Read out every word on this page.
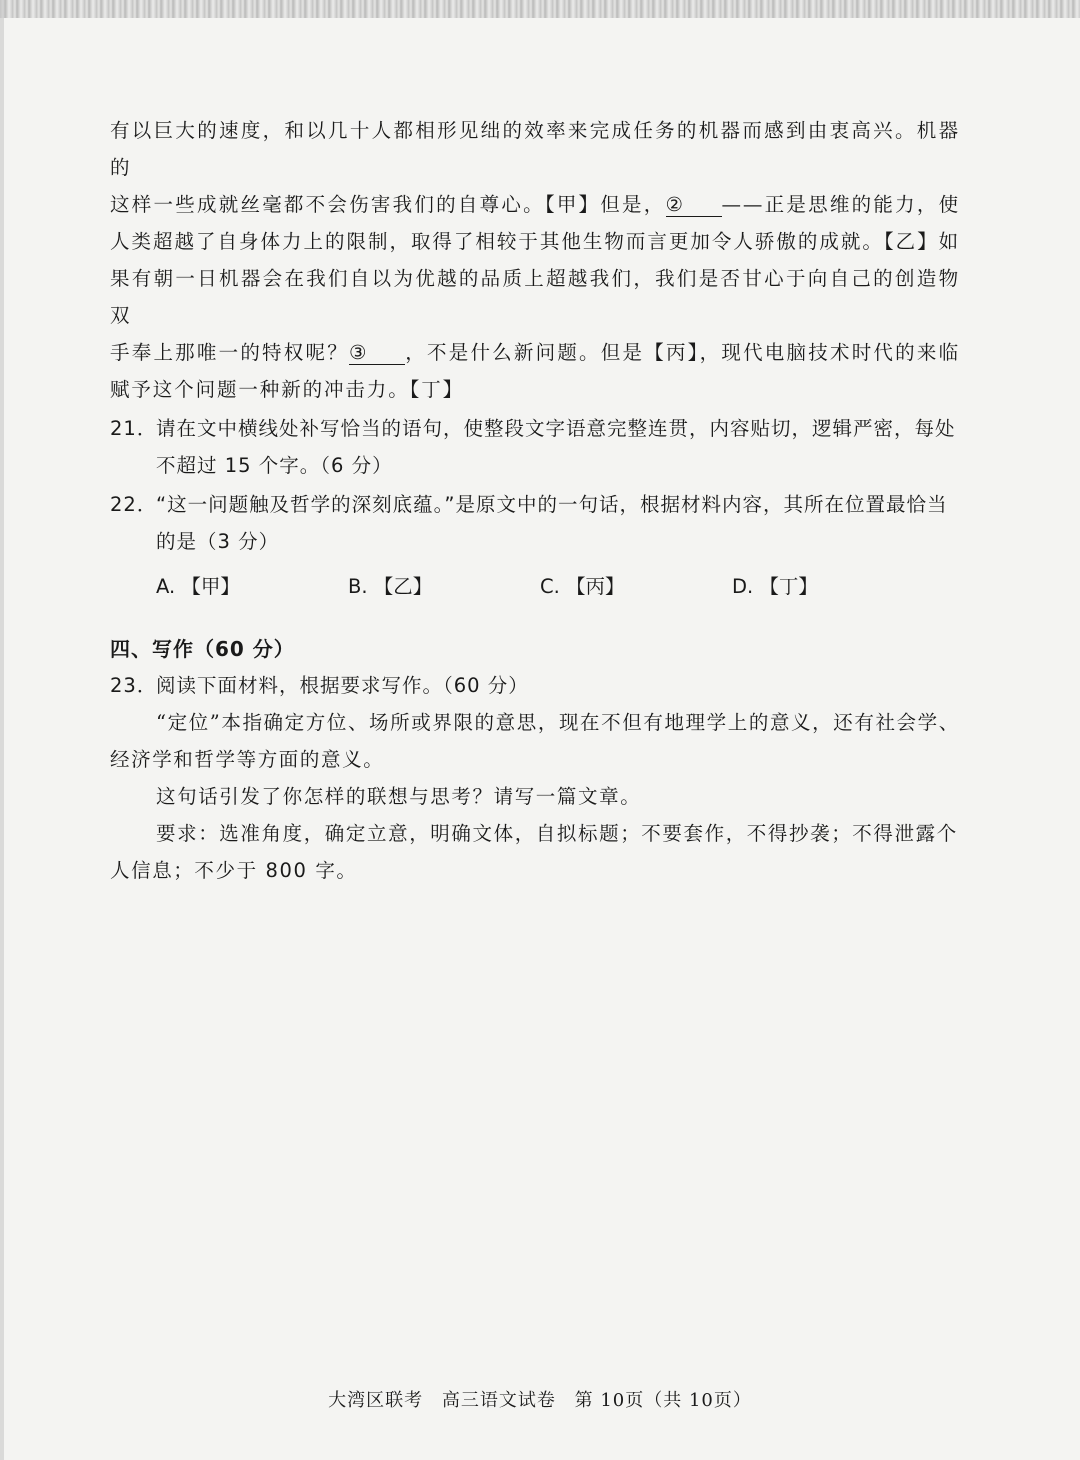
有以巨大的速度，和以几十人都相形见绌的效率来完成任务的机器而感到由衷高兴。机器的

这样一些成就丝毫都不会伤害我们的自尊心。【甲】但是，② ——正是思维的能力，使

人类超越了自身体力上的限制，取得了相较于其他生物而言更加令人骄傲的成就。【乙】如

果有朝一日机器会在我们自以为优越的品质上超越我们，我们是否甘心于向自己的创造物双

手奉上那唯一的特权呢？③ ，不是什么新问题。但是【丙】，现代电脑技术时代的来临

赋予这个问题一种新的冲击力。【丁】

21．
请在文中横线处补写恰当的语句，使整段文字语意完整连贯，内容贴切，逻辑严密，每处不超过 15 个字。（6 分）
22．
“这一问题触及哲学的深刻底蕴。”是原文中的一句话，根据材料内容，其所在位置最恰当的是（3 分）
A. 【甲】	B. 【乙】	C. 【丙】	D. 【丁】
四、写作（60 分）
23．
阅读下面材料，根据要求写作。（60 分）

“定位”本指确定方位、场所或界限的意思，现在不但有地理学上的意义，还有社会学、

经济学和哲学等方面的意义。

这句话引发了你怎样的联想与思考？请写一篇文章。

要求：选准角度，确定立意，明确文体，自拟标题；不要套作，不得抄袭；不得泄露个

人信息；不少于 800 字。

大湾区联考 高三语文试卷 第 10页（共 10页）
